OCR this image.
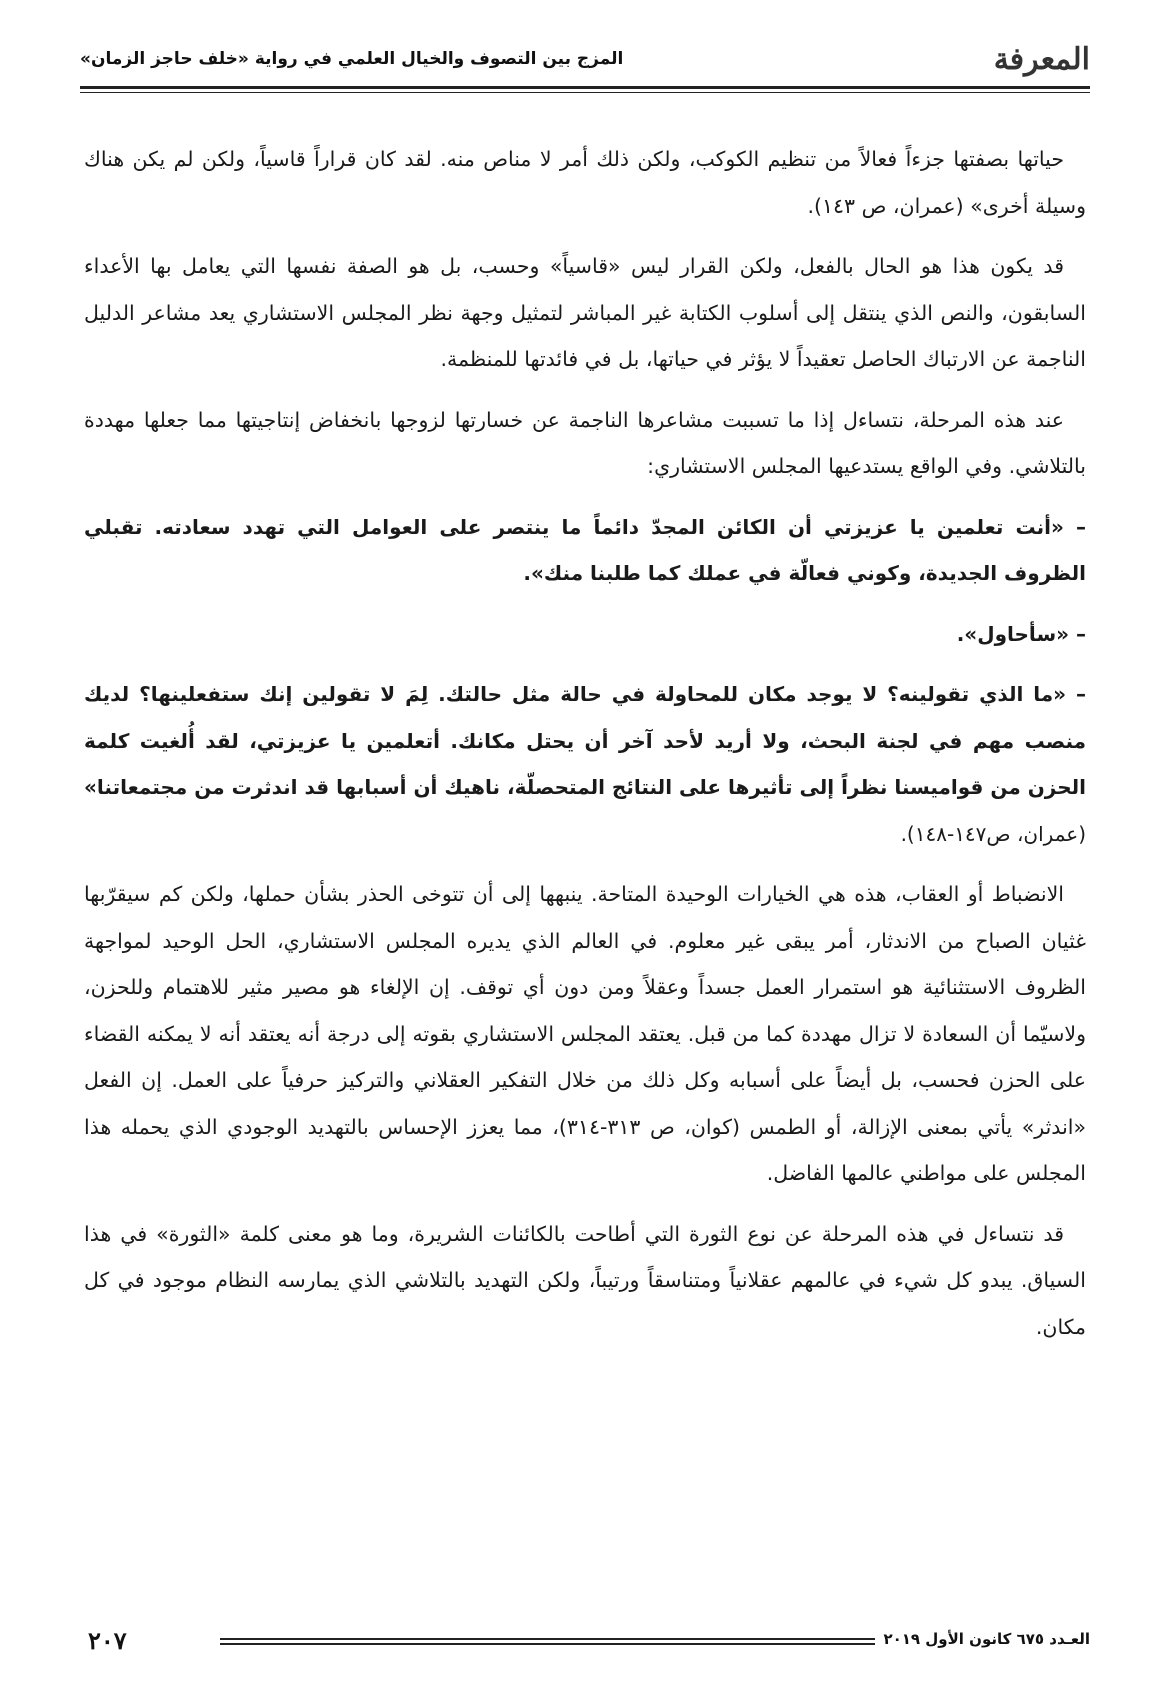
المعرفة
المزج بين التصوف والخيال العلمي في رواية «خلف حاجز الزمان»

حياتها بصفتها جزءاً فعالاً من تنظيم الكوكب، ولكن ذلك أمر لا مناص منه. لقد كان قراراً قاسياً، ولكن لم يكن هناك وسيلة أخرى» (عمران، ص ١٤٣).

قد يكون هذا هو الحال بالفعل، ولكن القرار ليس «قاسياً» وحسب، بل هو الصفة نفسها التي يعامل بها الأعداء السابقون، والنص الذي ينتقل إلى أسلوب الكتابة غير المباشر لتمثيل وجهة نظر المجلس الاستشاري يعد مشاعر الدليل الناجمة عن الارتباك الحاصل تعقيداً لا يؤثر في حياتها، بل في فائدتها للمنظمة.

عند هذه المرحلة، نتساءل إذا ما تسببت مشاعرها الناجمة عن خسارتها لزوجها بانخفاض إنتاجيتها مما جعلها مهددة بالتلاشي. وفي الواقع يستدعيها المجلس الاستشاري:

– «أنت تعلمين يا عزيزتي أن الكائن المجدّ دائماً ما ينتصر على العوامل التي تهدد سعادته. تقبلي الظروف الجديدة، وكوني فعالّة في عملك كما طلبنا منك».

– «سأحاول».

– «ما الذي تقولينه؟ لا يوجد مكان للمحاولة في حالة مثل حالتك. لِمَ لا تقولين إنك ستفعلينها؟ لديك منصب مهم في لجنة البحث، ولا أريد لأحد آخر أن يحتل مكانك. أتعلمين يا عزيزتي، لقد أُلغيت كلمة الحزن من قواميسنا نظراً إلى تأثيرها على النتائج المتحصلّة، ناهيك أن أسبابها قد اندثرت من مجتمعاتنا» (عمران، ص١٤٧-١٤٨).

الانضباط أو العقاب، هذه هي الخيارات الوحيدة المتاحة. ينبهها إلى أن تتوخى الحذر بشأن حملها، ولكن كم سيقرّبها غثيان الصباح من الاندثار، أمر يبقى غير معلوم. في العالم الذي يديره المجلس الاستشاري، الحل الوحيد لمواجهة الظروف الاستثنائية هو استمرار العمل جسداً وعقلاً ومن دون أي توقف. إن الإلغاء هو مصير مثير للاهتمام وللحزن، ولاسيّما أن السعادة لا تزال مهددة كما من قبل. يعتقد المجلس الاستشاري بقوته إلى درجة أنه يعتقد أنه لا يمكنه القضاء على الحزن فحسب، بل أيضاً على أسبابه وكل ذلك من خلال التفكير العقلاني والتركيز حرفياً على العمل. إن الفعل «اندثر» يأتي بمعنى الإزالة، أو الطمس (كوان، ص ٣١٣-٣١٤)، مما يعزز الإحساس بالتهديد الوجودي الذي يحمله هذا المجلس على مواطني عالمها الفاضل.

قد نتساءل في هذه المرحلة عن نوع الثورة التي أطاحت بالكائنات الشريرة، وما هو معنى كلمة «الثورة» في هذا السياق. يبدو كل شيء في عالمهم عقلانياً ومتناسقاً ورتيباً، ولكن التهديد بالتلاشي الذي يمارسه النظام موجود في كل مكان.

العـدد ٦٧٥ كانون الأول ٢٠١٩
٢٠٧
